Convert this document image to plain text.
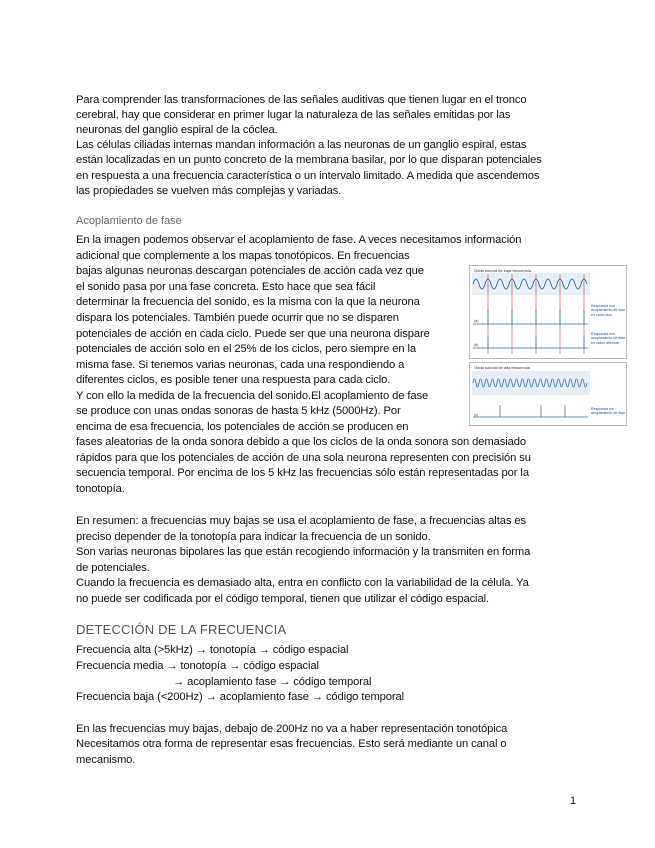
Para comprender las transformaciones de las señales auditivas que tienen lugar en el tronco
cerebral, hay que considerar en primer lugar la naturaleza de las señales emitidas por las
neuronas del ganglio espiral de la cóclea.
Las células ciliadas internas mandan información a las neuronas de un ganglio espiral, estas
están localizadas en un punto concreto de la membrana basilar, por lo que disparan potenciales
en respuesta a una frecuencia característica o un intervalo limitado. A medida que ascendemos
las propiedades se vuelven más complejas y variadas.
Acoplamiento de fase
En la imagen podemos observar el acoplamiento de fase. A veces necesitamos información
adicional que complemente a los mapas tonotópicos. En frecuencias
bajas algunas neuronas descargan potenciales de acción cada vez que
el sonido pasa por una fase concreta. Esto hace que sea fácil
determinar la frecuencia del sonido, es la misma con la que la neurona
dispara los potenciales. También puede ocurrir que no se disparen
potenciales de acción en cada ciclo. Puede ser que una neurona dispare
potenciales de acción solo en el 25% de los ciclos, pero siempre en la
misma fase. Si tenemos varias neuronas, cada una respondiendo a
diferentes ciclos, es posible tener una respuesta para cada ciclo.
Y con ello la medida de la frecuencia del sonido.El acoplamiento de fase
se produce con unas ondas sonoras de hasta 5 kHz (5000Hz). Por
encima de esa frecuencia, los potenciales de acción se producen en
fases aleatorias de la onda sonora debido a que los ciclos de la onda sonora son demasiado
rápidos para que los potenciales de acción de una sola neurona representen con precisión su
secuencia temporal. Por encima de los 5 kHz las frecuencias sólo están representadas por la
tonotopía.
Onda sonora de baja frecuencia
(a)
(b)
Respuesta con acoplamiento de fase en cada ciclo
Respuesta con acoplamiento de fase en ciclos alternos
Onda sonora de alta frecuencia
(c)
Respuesta sin acoplamiento de fase
En resumen: a frecuencias muy bajas se usa el acoplamiento de fase, a frecuencias altas es
preciso depender de la tonotopía para indicar la frecuencia de un sonido.
Son varias neuronas bipolares las que están recogiendo información y la transmiten en forma
de potenciales.
Cuando la frecuencia es demasiado alta, entra en conflicto con la variabilidad de la célula. Ya
no puede ser codificada por el código temporal, tienen que utilizar el código espacial.
DETECCIÓN DE LA FRECUENCIA
Frecuencia alta (>5kHz) → tonotopía → código espacial
Frecuencia media → tonotopía → código espacial
→ acoplamiento fase → código temporal
Frecuencia baja (<200Hz) → acoplamiento fase → código temporal
En las frecuencias muy bajas, debajo de 200Hz no va a haber representación tonotópica
Necesitamos otra forma de representar esas frecuencias. Esto será mediante un canal o
mecanismo.
1
